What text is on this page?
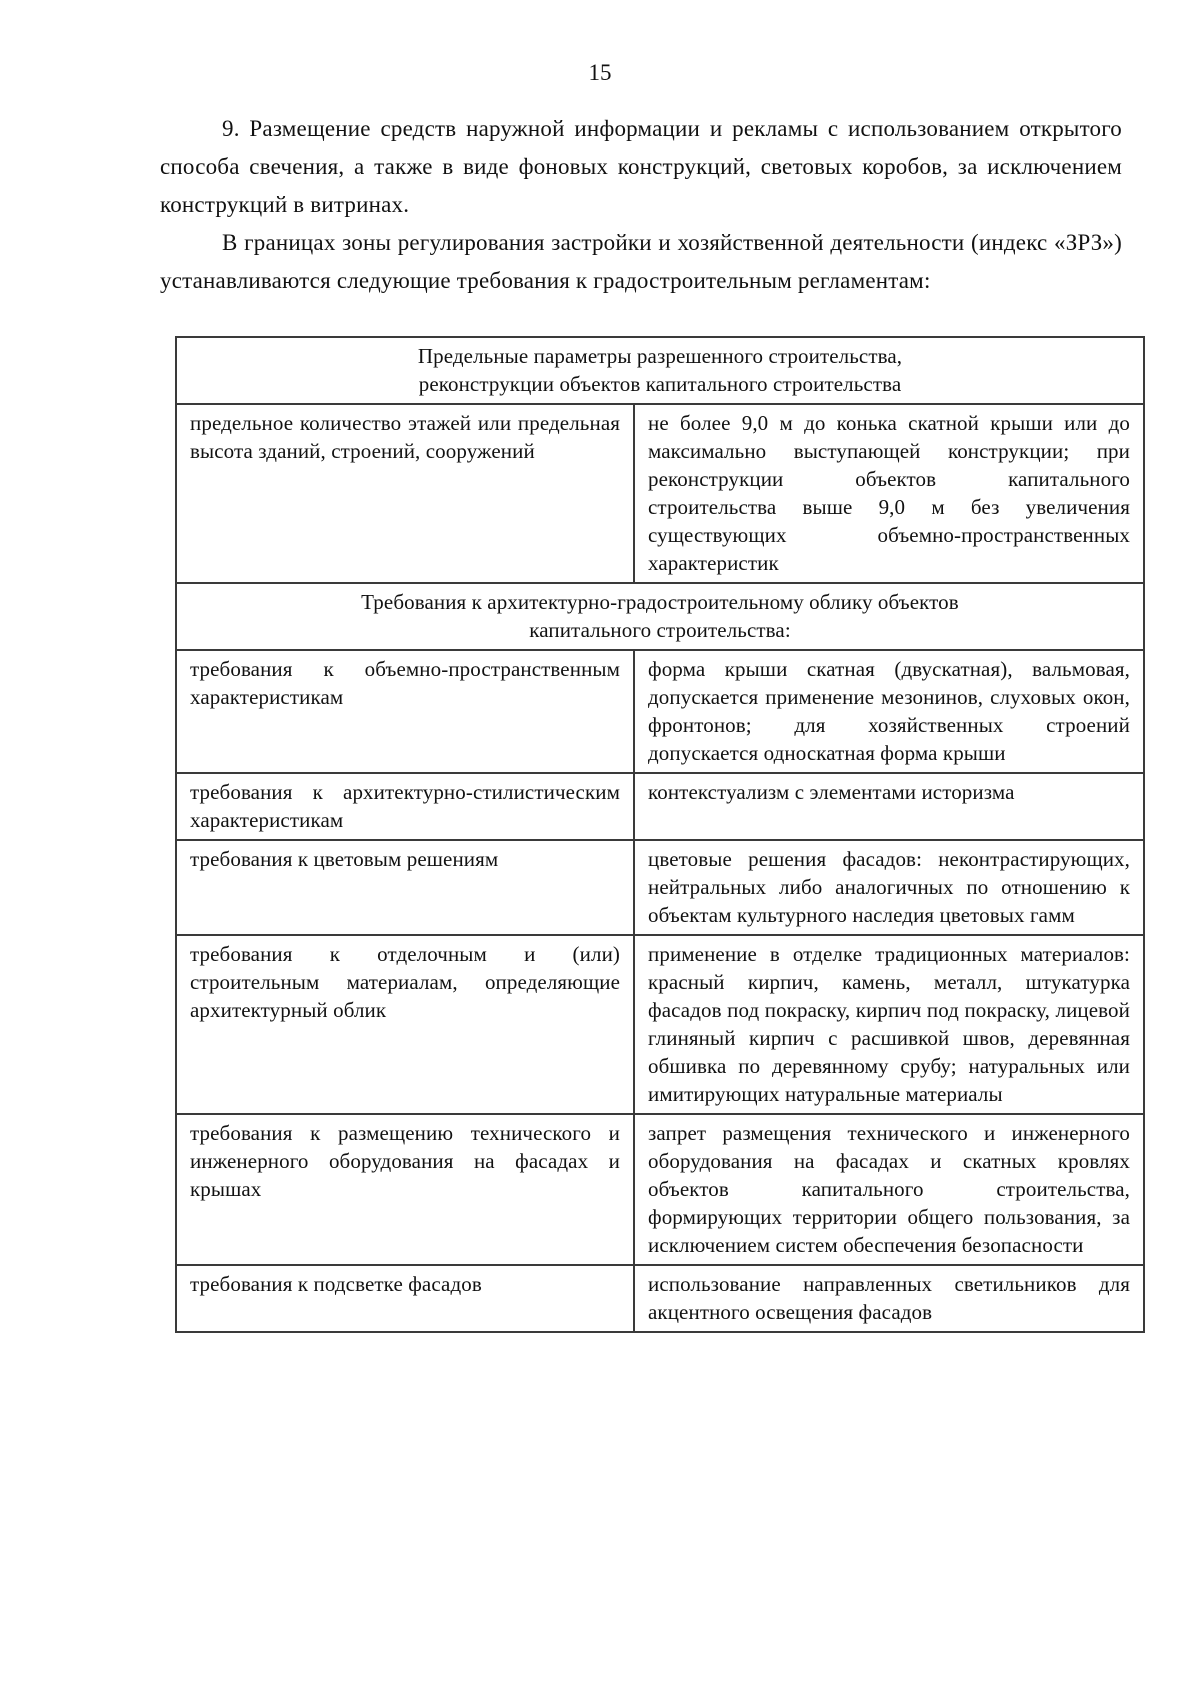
15

9. Размещение средств наружной информации и рекламы с использованием открытого способа свечения, а также в виде фоновых конструкций, световых коробов, за исключением конструкций в витринах.

В границах зоны регулирования застройки и хозяйственной деятельности (индекс «ЗРЗ») устанавливаются следующие требования к градостроительным регламентам:

Предельные параметры разрешенного строительства,
реконструкции объектов капитального строительства	

предельное количество этажей или предельная высота зданий, строений, сооружений	не более 9,0 м до конька скатной крыши или до максимально выступающей конструкции; при реконструкции объектов капитального строительства выше 9,0 м без увеличения существующих объемно-пространственных характеристик

Требования к архитектурно-градостроительному облику объектов
капитального строительства:	

требования к объемно-пространственным характеристикам	форма крыши скатная (двускатная), вальмовая, допускается применение мезонинов, слуховых окон, фронтонов; для хозяйственных строений допускается односкатная форма крыши
требования к архитектурно-стилистическим характеристикам	контекстуализм с элементами историзма
требования к цветовым решениям	цветовые решения фасадов: неконтрастирующих, нейтральных либо аналогичных по отношению к объектам культурного наследия цветовых гамм
требования к отделочным и (или) строительным материалам, определяющие архитектурный облик	применение в отделке традиционных материалов: красный кирпич, камень, металл, штукатурка фасадов под покраску, кирпич под покраску, лицевой глиняный кирпич с расшивкой швов, деревянная обшивка по деревянному срубу; натуральных или имитирующих натуральные материалы
требования к размещению технического и инженерного оборудования на фасадах и крышах	запрет размещения технического и инженерного оборудования на фасадах и скатных кровлях объектов капитального строительства, формирующих территории общего пользования, за исключением систем обеспечения безопасности
требования к подсветке фасадов	использование направленных светильников для акцентного освещения фасадов
